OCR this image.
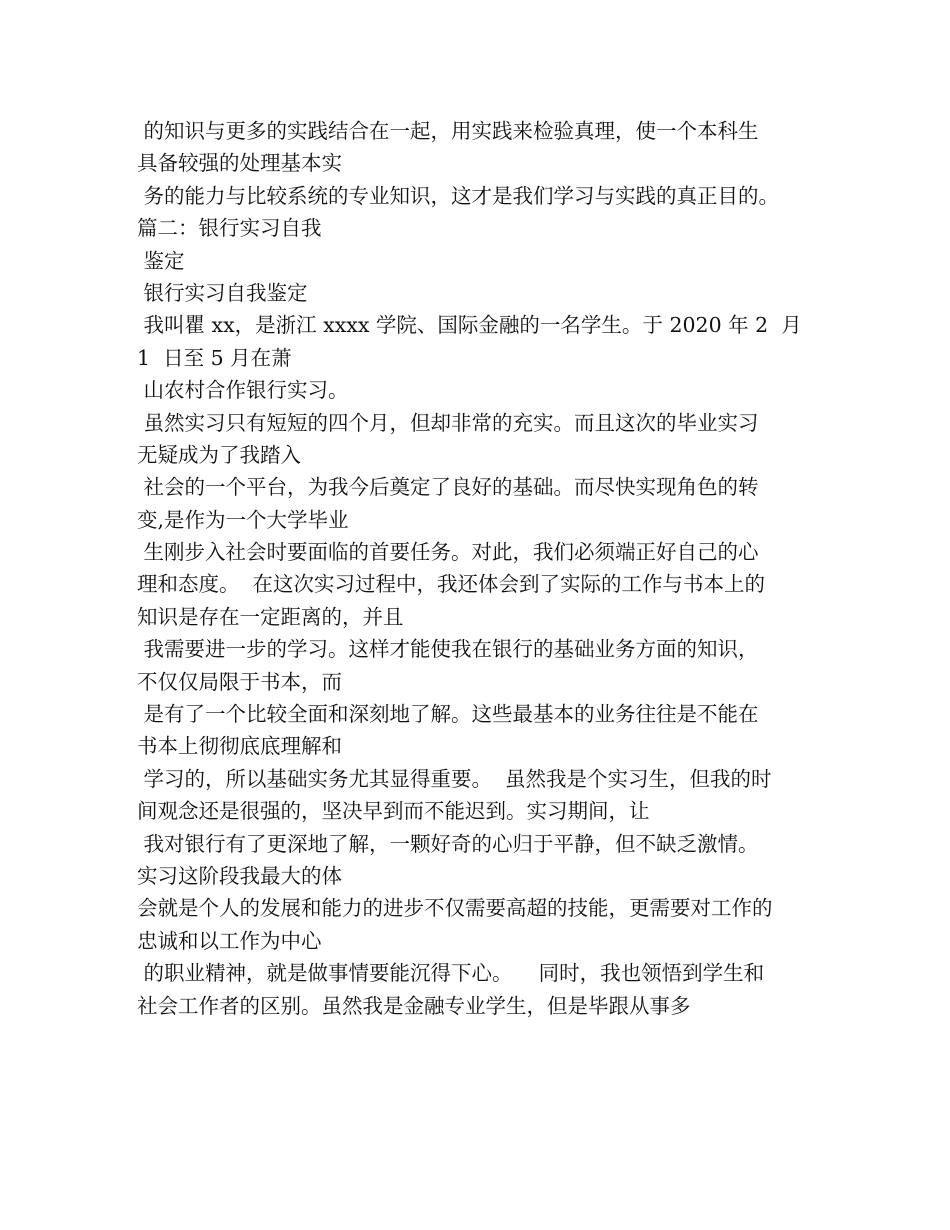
的知识与更多的实践结合在一起，用实践来检验真理，使一个本科生
具备较强的处理基本实
务的能力与比较系统的专业知识，这才是我们学习与实践的真正目的。
篇二：银行实习自我
鉴定
银行实习自我鉴定
我叫瞿 xx，是浙江 xxxx 学院、国际金融的一名学生。于 2020 年 2  月
1  日至 5 月在萧
山农村合作银行实习。
虽然实习只有短短的四个月，但却非常的充实。而且这次的毕业实习
无疑成为了我踏入
社会的一个平台，为我今后奠定了良好的基础。而尽快实现角色的转
变,是作为一个大学毕业
生刚步入社会时要面临的首要任务。对此，我们必须端正好自己的心
理和态度。  在这次实习过程中，我还体会到了实际的工作与书本上的
知识是存在一定距离的，并且
我需要进一步的学习。这样才能使我在银行的基础业务方面的知识，
不仅仅局限于书本，而
是有了一个比较全面和深刻地了解。这些最基本的业务往往是不能在
书本上彻彻底底理解和
学习的，所以基础实务尤其显得重要。  虽然我是个实习生，但我的时
间观念还是很强的，坚决早到而不能迟到。实习期间，让
我对银行有了更深地了解，一颗好奇的心归于平静，但不缺乏激情。
实习这阶段我最大的体
会就是个人的发展和能力的进步不仅需要高超的技能，更需要对工作的
忠诚和以工作为中心
的职业精神，就是做事情要能沉得下心。    同时，我也领悟到学生和
社会工作者的区别。虽然我是金融专业学生，但是毕跟从事多
